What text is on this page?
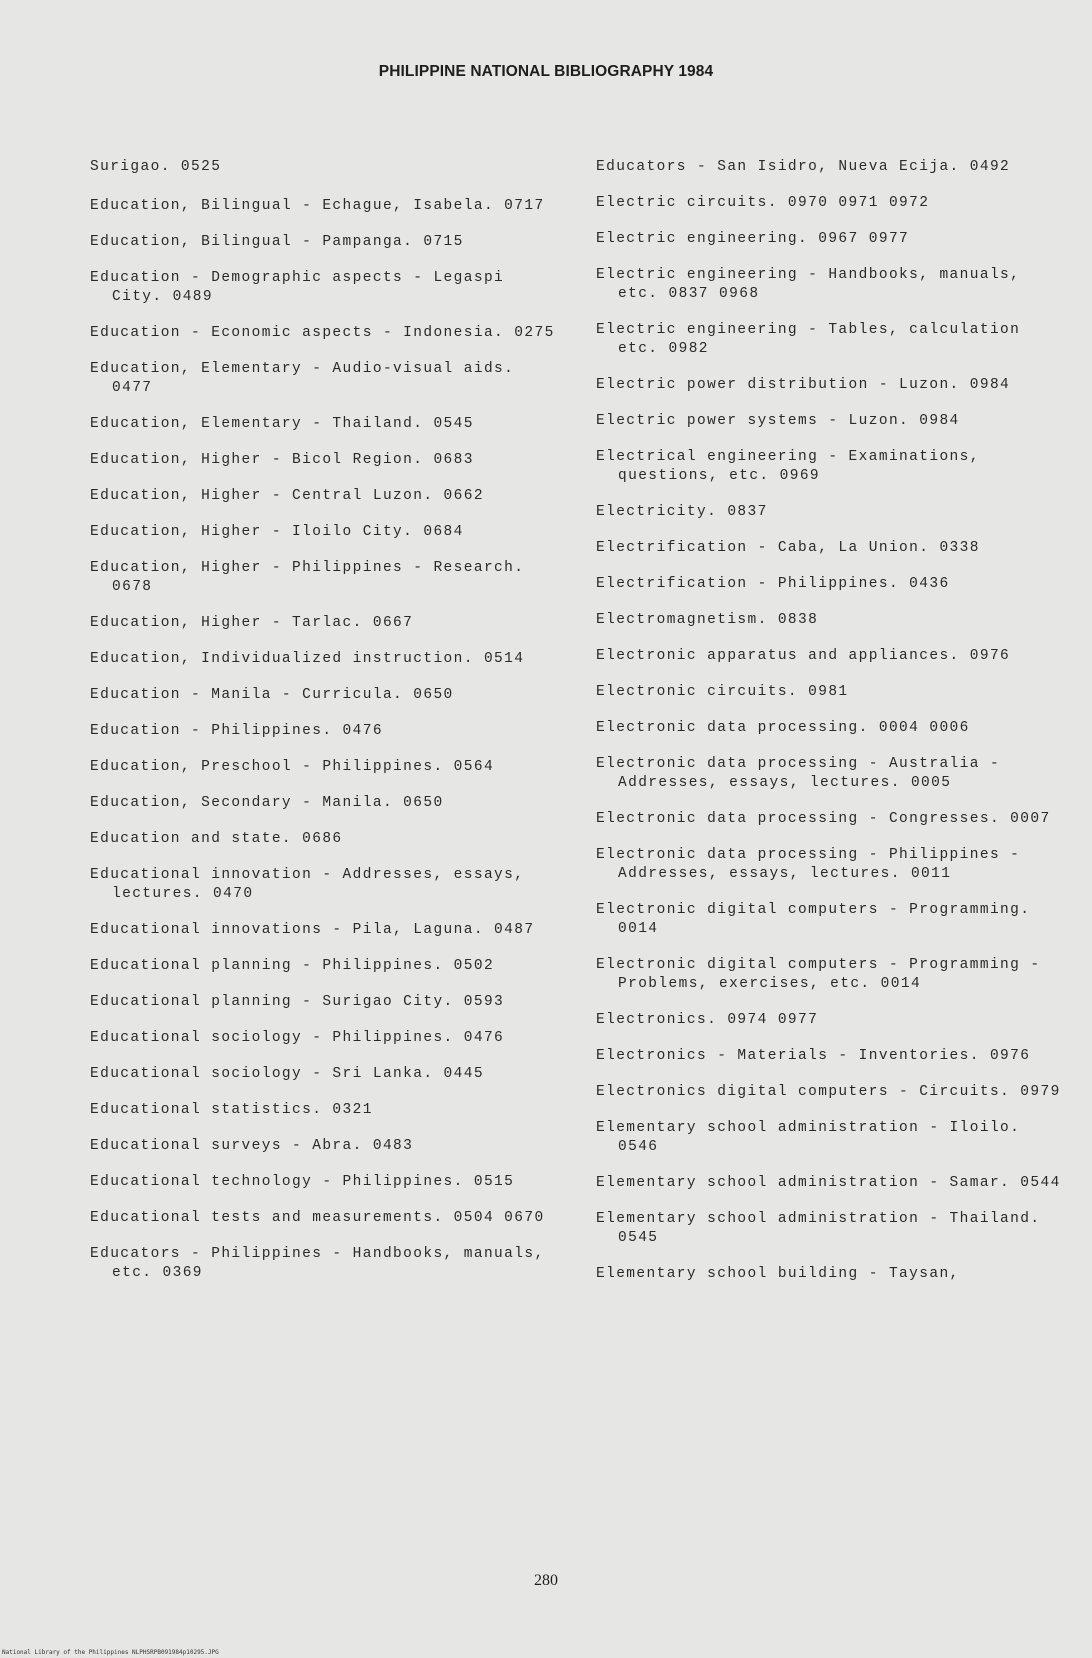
PHILIPPINE NATIONAL BIBLIOGRAPHY 1984
Surigao. 0525
Education, Bilingual - Echague, Isabela. 0717
Education, Bilingual - Pampanga. 0715
Education - Demographic aspects - Legaspi City. 0489
Education - Economic aspects - Indonesia. 0275
Education, Elementary - Audio-visual aids. 0477
Education, Elementary - Thailand. 0545
Education, Higher - Bicol Region. 0683
Education, Higher - Central Luzon. 0662
Education, Higher - Iloilo City. 0684
Education, Higher - Philippines - Research. 0678
Education, Higher - Tarlac. 0667
Education, Individualized instruction. 0514
Education - Manila - Curricula. 0650
Education - Philippines. 0476
Education, Preschool - Philippines. 0564
Education, Secondary - Manila. 0650
Education and state. 0686
Educational innovation - Addresses, essays, lectures. 0470
Educational innovations - Pila, Laguna. 0487
Educational planning - Philippines. 0502
Educational planning - Surigao City. 0593
Educational sociology - Philippines. 0476
Educational sociology - Sri Lanka. 0445
Educational statistics. 0321
Educational surveys - Abra. 0483
Educational technology - Philippines. 0515
Educational tests and measurements. 0504 0670
Educators - Philippines - Handbooks, manuals, etc. 0369
Educators - San Isidro, Nueva Ecija. 0492
Electric circuits. 0970 0971 0972
Electric engineering. 0967 0977
Electric engineering - Handbooks, manuals, etc. 0837 0968
Electric engineering - Tables, calculation etc. 0982
Electric power distribution - Luzon. 0984
Electric power systems - Luzon. 0984
Electrical engineering - Examinations, questions, etc. 0969
Electricity. 0837
Electrification - Caba, La Union. 0338
Electrification - Philippines. 0436
Electromagnetism. 0838
Electronic apparatus and appliances. 0976
Electronic circuits. 0981
Electronic data processing. 0004 0006
Electronic data processing - Australia - Addresses, essays, lectures. 0005
Electronic data processing - Congresses. 0007
Electronic data processing - Philippines - Addresses, essays, lectures. 0011
Electronic digital computers - Programming. 0014
Electronic digital computers - Programming - Problems, exercises, etc. 0014
Electronics. 0974 0977
Electronics - Materials - Inventories. 0976
Electronics digital computers - Circuits. 0979
Elementary school administration - Iloilo. 0546
Elementary school administration - Samar. 0544
Elementary school administration - Thailand. 0545
Elementary school building - Taysan,
280
National Library of the Philippines NLPHSRPB091984p10295.JPG
